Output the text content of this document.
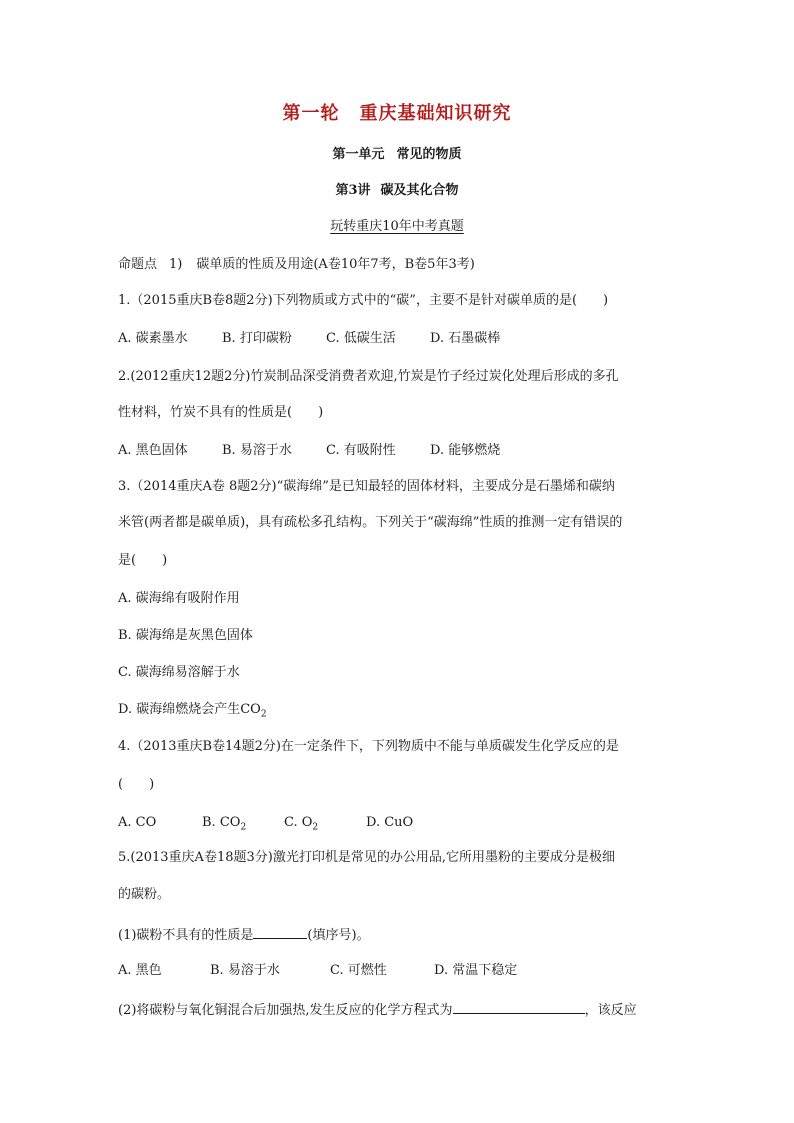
第一轮 重庆基础知识研究
第一单元 常见的物质
第3讲 碳及其化合物
玩转重庆10年中考真题
命题点 1) 碳单质的性质及用途(A卷10年7考，B卷5年3考)
1.（2015重庆B卷8题2分)下列物质或方式中的“碳”，主要不是针对碳单质的是(　　)
A. 碳素墨水	B. 打印碳粉	C. 低碳生活	D. 石墨碳棒
2.(2012重庆12题2分)竹炭制品深受消费者欢迎,竹炭是竹子经过炭化处理后形成的多孔
性材料，竹炭不具有的性质是(　　)
A. 黑色固体	B. 易溶于水	C. 有吸附性	D. 能够燃烧
3.（2014重庆A卷 8题2分)“碳海绵”是已知最轻的固体材料，主要成分是石墨烯和碳纳
米管(两者都是碳单质)，具有疏松多孔结构。下列关于“碳海绵”性质的推测一定有错误的
是(　　)
A. 碳海绵有吸附作用
B. 碳海绵是灰黑色固体
C. 碳海绵易溶解于水
D. 碳海绵燃烧会产生$CO_2$
4.（2013重庆B卷14题2分)在一定条件下，下列物质中不能与单质碳发生化学反应的是
(　　)
A. CO	B. $CO_2$	C. $O_2$	D. CuO
5.(2013重庆A卷18题3分)激光打印机是常见的办公用品,它所用墨粉的主要成分是极细
的碳粉。
(1)碳粉不具有的性质是	(填序号)。
A. 黑色	B. 易溶于水	C. 可燃性	D. 常温下稳定
(2)将碳粉与氧化铜混合后加强热,发生反应的化学方程式为	，该反应
